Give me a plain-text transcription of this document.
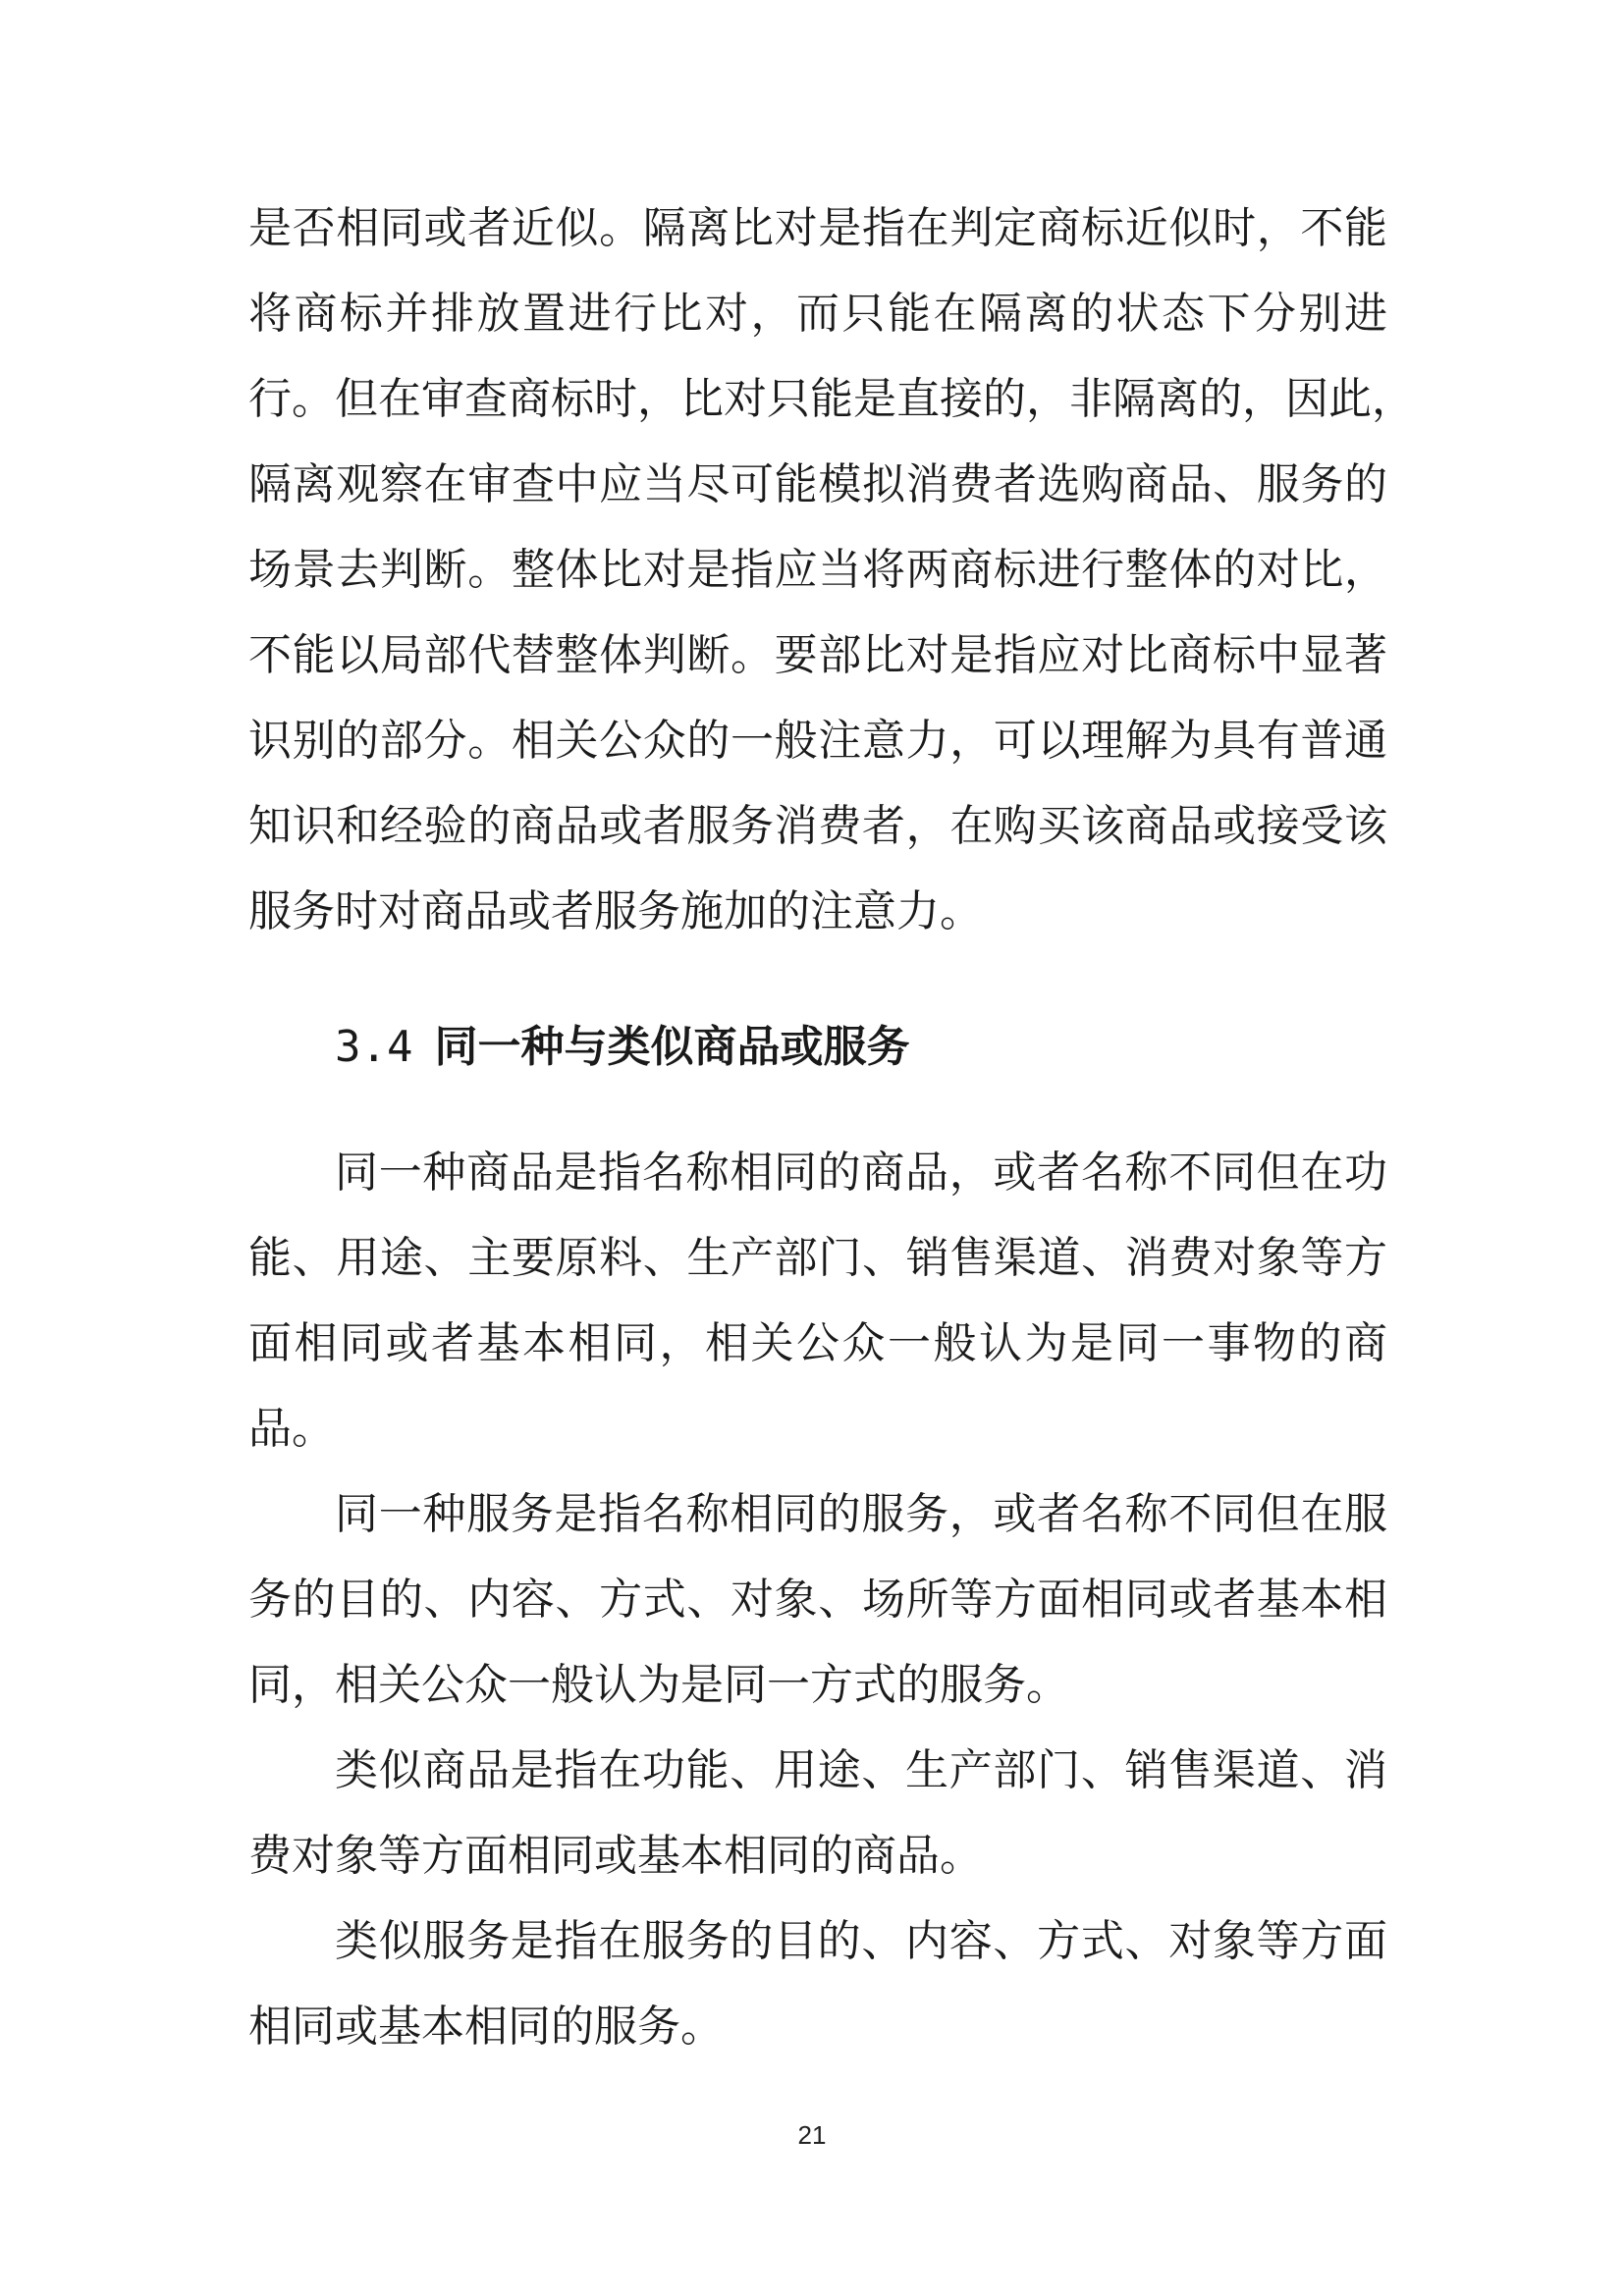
是否相同或者近似。隔离比对是指在判定商标近似时，不能
将商标并排放置进行比对，而只能在隔离的状态下分别进
行。但在审查商标时，比对只能是直接的，非隔离的，因此，
隔离观察在审查中应当尽可能模拟消费者选购商品、服务的
场景去判断。整体比对是指应当将两商标进行整体的对比，
不能以局部代替整体判断。要部比对是指应对比商标中显著
识别的部分。相关公众的一般注意力，可以理解为具有普通
知识和经验的商品或者服务消费者，在购买该商品或接受该
服务时对商品或者服务施加的注意力。
3.4 同一种与类似商品或服务
同一种商品是指名称相同的商品，或者名称不同但在功
能、用途、主要原料、生产部门、销售渠道、消费对象等方
面相同或者基本相同，相关公众一般认为是同一事物的商
品。
同一种服务是指名称相同的服务，或者名称不同但在服
务的目的、内容、方式、对象、场所等方面相同或者基本相
同，相关公众一般认为是同一方式的服务。
类似商品是指在功能、用途、生产部门、销售渠道、消
费对象等方面相同或基本相同的商品。
类似服务是指在服务的目的、内容、方式、对象等方面
相同或基本相同的服务。
21
